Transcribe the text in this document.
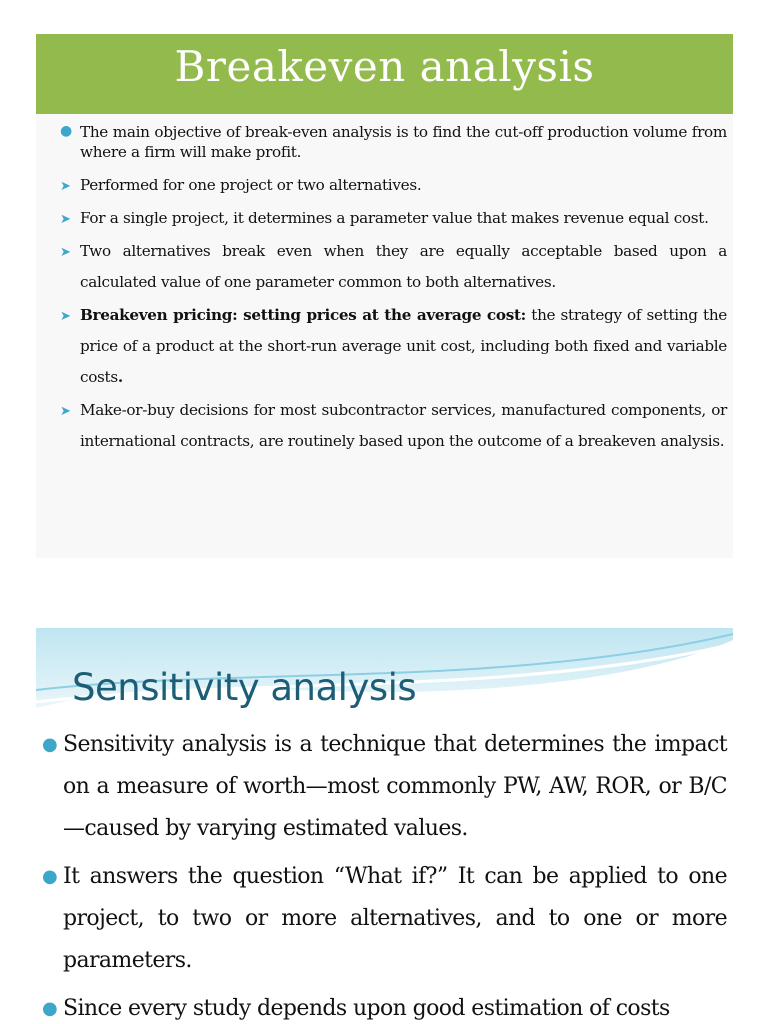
Breakeven analysis
● The main objective of break-even analysis is to find the cut-off production volume from where a firm will make profit.
➤ Performed for one project or two alternatives.
➤ For a single project, it determines a parameter value that makes revenue equal cost.
➤ Two alternatives break even when they are equally acceptable based upon a calculated value of one parameter common to both alternatives.
➤ Breakeven pricing: setting prices at the average cost: the strategy of setting the price of a product at the short-run average unit cost, including both fixed and variable costs.
➤ Make-or-buy decisions for most subcontractor services, manufactured components, or international contracts, are routinely based upon the outcome of a breakeven analysis.
Sensitivity analysis
● Sensitivity analysis is a technique that determines the impact on a measure of worth—most commonly PW, AW, ROR, or B/C—caused by varying estimated values.
● It answers the question “What if?” It can be applied to one project, to two or more alternatives, and to one or more parameters.
● Since every study depends upon good estimation of costs
